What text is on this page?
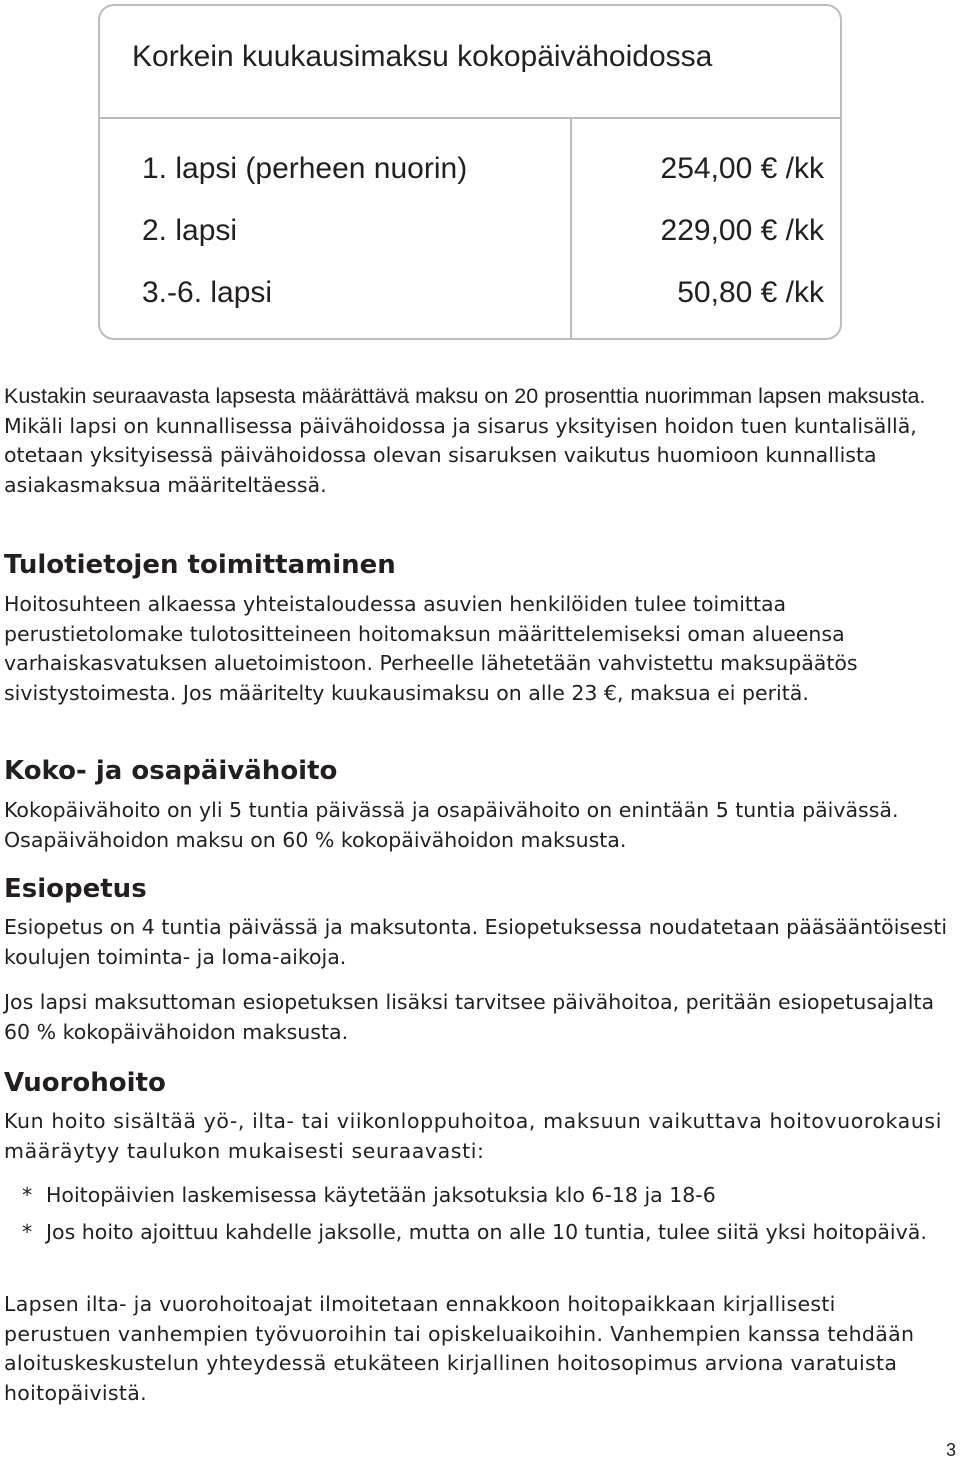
Korkein kuukausimaksu kokopäivähoidossa
1. lapsi (perheen nuorin)	254,00 € /kk
2. lapsi	229,00 € /kk
3.-6. lapsi	50,80 € /kk

Kustakin seuraavasta lapsesta määrättävä maksu on 20 prosenttia nuorimman lapsen maksusta. Mikäli lapsi on kunnallisessa päivähoidossa ja sisarus yksityisen hoidon tuen kuntalisällä, otetaan yksityisessä päivähoidossa olevan sisaruksen vaikutus huomioon kunnallista asiakasmaksua määriteltäessä.

Tulotietojen toimittaminen

Hoitosuhteen alkaessa yhteistaloudessa asuvien henkilöiden tulee toimittaa perustietolomake tulotositteineen hoitomaksun määrittelemiseksi oman alueensa varhaiskasvatuksen aluetoimistoon. Perheelle lähetetään vahvistettu maksupäätös sivistystoimesta. Jos määritelty kuukausimaksu on alle 23 €, maksua ei peritä.

Koko- ja osapäivähoito

Kokopäivähoito on yli 5 tuntia päivässä ja osapäivähoito on enintään 5 tuntia päivässä. Osapäivähoidon maksu on 60 % kokopäivähoidon maksusta.

Esiopetus

Esiopetus on 4 tuntia päivässä ja maksutonta. Esiopetuksessa noudatetaan pääsääntöisesti koulujen toiminta- ja loma-aikoja.

Jos lapsi maksuttoman esiopetuksen lisäksi tarvitsee päivähoitoa, peritään esiopetusajalta 60 % kokopäivähoidon maksusta.

Vuorohoito

Kun hoito sisältää yö-, ilta- tai viikonloppuhoitoa, maksuun vaikuttava hoitovuorokausi määräytyy taulukon mukaisesti seuraavasti:

* Hoitopäivien laskemisessa käytetään jaksotuksia klo 6-18 ja 18-6
* Jos hoito ajoittuu kahdelle jaksolle, mutta on alle 10 tuntia, tulee siitä yksi hoitopäivä.

Lapsen ilta- ja vuorohoitoajat ilmoitetaan ennakkoon hoitopaikkaan kirjallisesti perustuen vanhempien työvuoroihin tai opiskeluaikoihin. Vanhempien kanssa tehdään aloituskeskustelun yhteydessä etukäteen kirjallinen hoitosopimus arviona varatuista hoitopäivistä.

3
